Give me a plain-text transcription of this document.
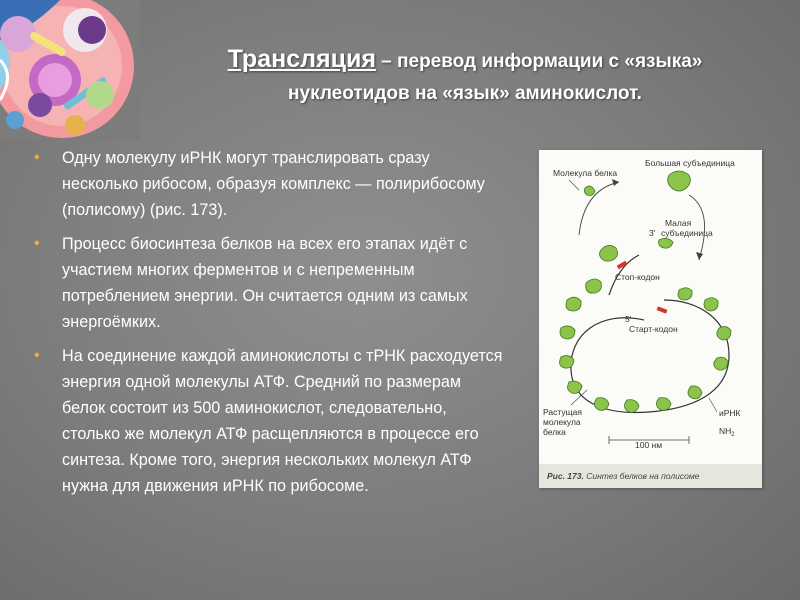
Трансляция – перевод информации с «языка»
нуклеотидов на «язык» аминокислот.
• Одну молекулу иРНК могут транслировать сразу несколько рибосом, образуя комплекс — полирибосому (полисому) (рис. 173).
• Процесс биосинтеза белков на всех его этапах идёт с участием многих ферментов и с непременным потреблением энергии. Он считается одним из самых энергоёмких.
• На соединение каждой аминокислоты с тРНК расходуется энергия одной молекулы АТФ. Средний по размерам белок состоит из 500 аминокислот, следовательно, столько же молекул АТФ расщепляются в процессе его синтеза. Кроме того, энергия нескольких молекул АТФ нужна для движения иРНК по рибосоме.
Молекула белка
Большая субъединица
Малая
3' субъединица
Стоп-кодон
5'
Старт-кодон
Растущая
молекула
белка
иРНК
$NH_2$
100 нм
Рис. 173. Синтез белков на полисоме
